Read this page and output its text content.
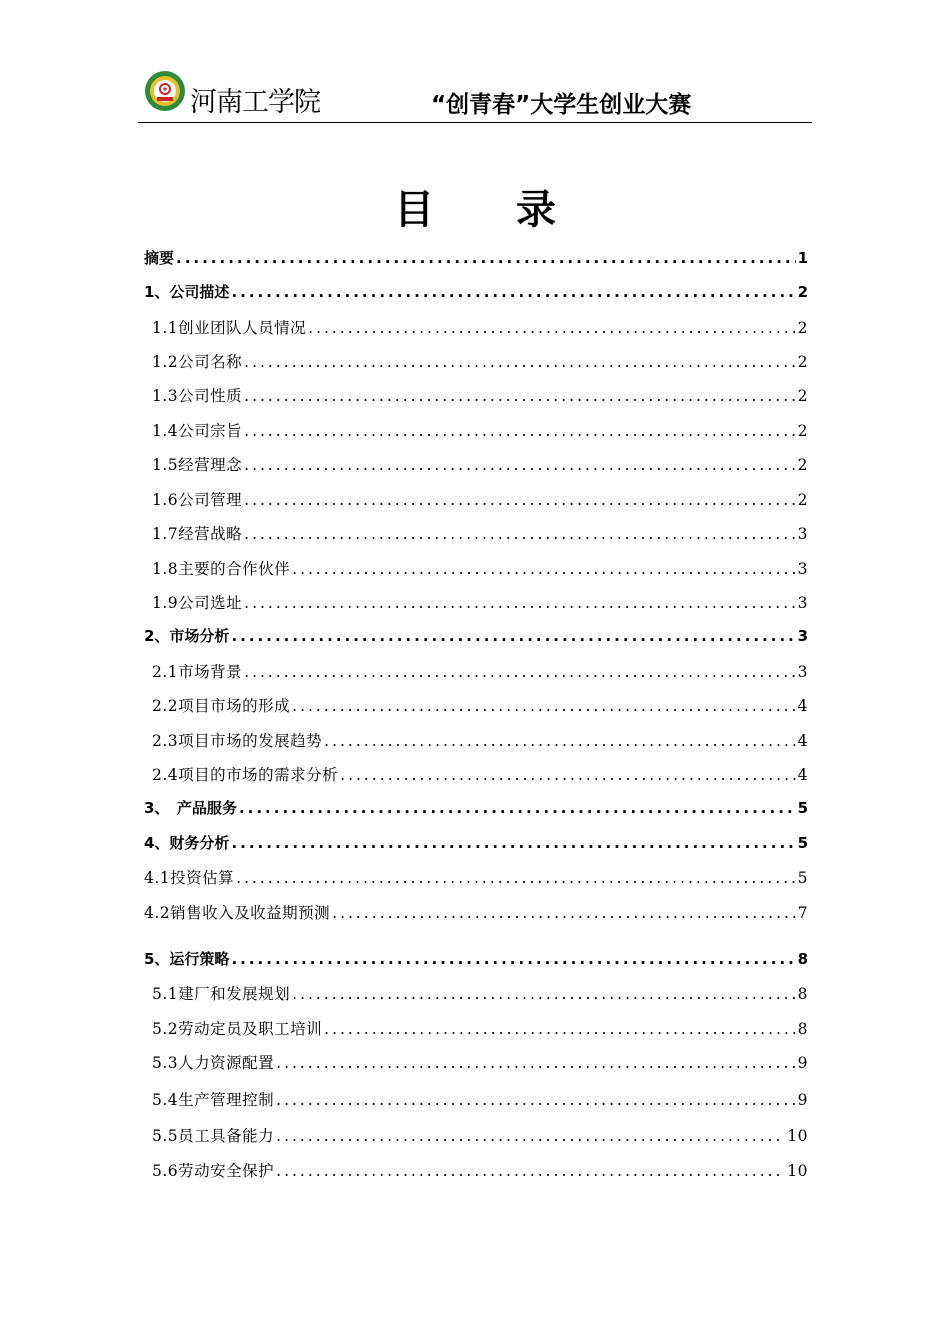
河南工学院	“创青春”大学生创业大赛
目 录
摘要 .....	1
1、公司描述 .....	2
1.1创业团队人员情况 .....	2
1.2公司名称 .....	2
1.3公司性质 .....	2
1.4公司宗旨 .....	2
1.5经营理念 .....	2
1.6公司管理 .....	2
1.7经营战略 .....	3
1.8主要的合作伙伴 .....	3
1.9公司选址 .....	3
2、市场分析 .....	3
2.1市场背景 .....	3
2.2项目市场的形成 .....	4
2.3项目市场的发展趋势 .....	4
2.4项目的市场的需求分析 .....	4
3、　产品服务 .....	5
4、财务分析 .....	5
4.1投资估算 .....	5
4.2销售收入及收益期预测 .....	7
5、运行策略 .....	8
5.1建厂和发展规划 .....	8
5.2劳动定员及职工培训 .....	8
5.3人力资源配置 .....	9
5.4生产管理控制 .....	9
5.5员工具备能力 .....	10
5.6劳动安全保护 .....	10
